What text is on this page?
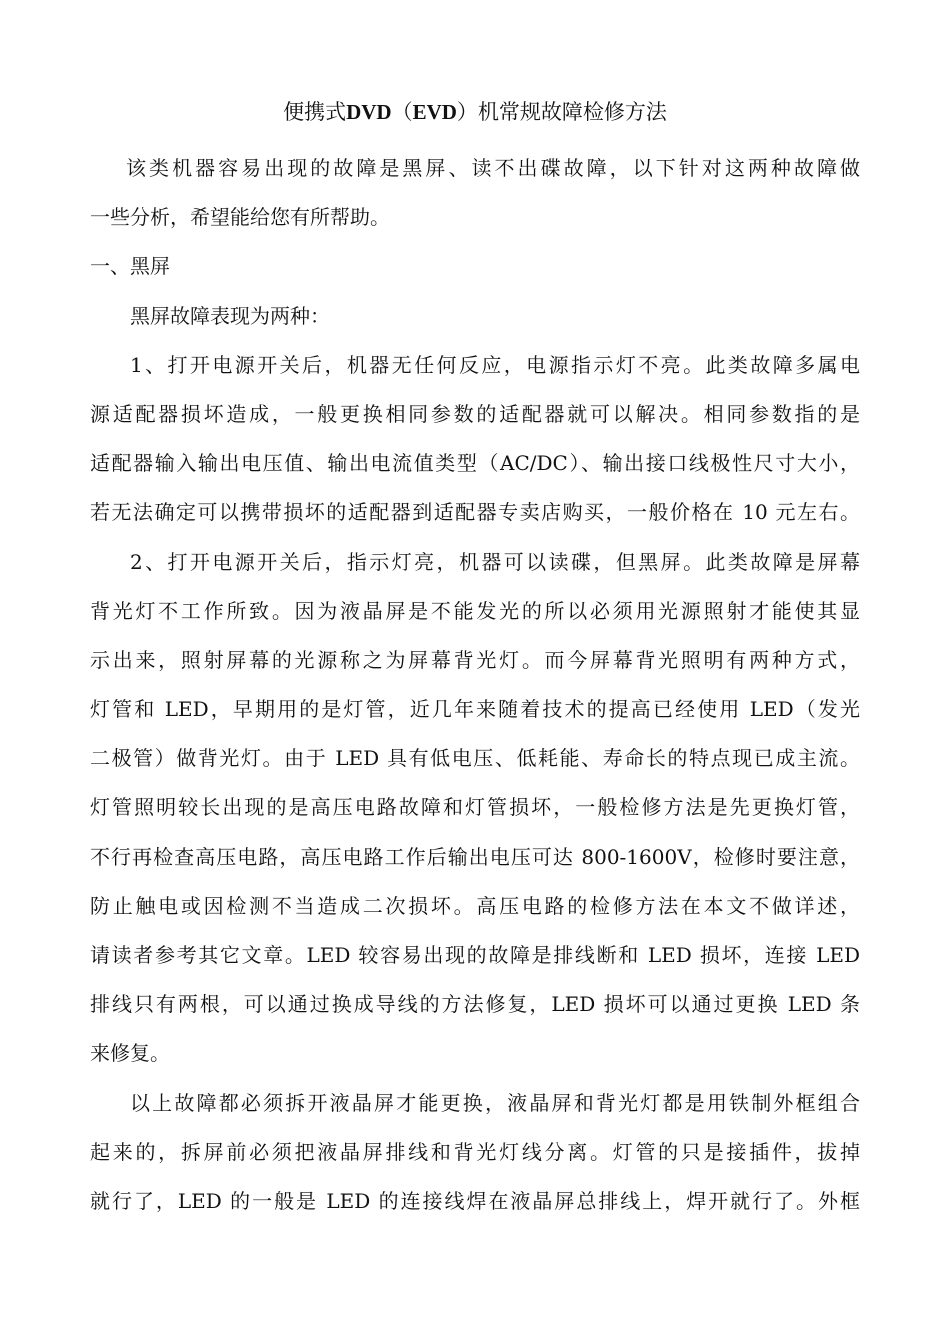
便携式DVD（EVD）机常规故障检修方法
该类机器容易出现的故障是黑屏、读不出碟故障，以下针对这两种故障做
一些分析，希望能给您有所帮助。
一、黑屏
黑屏故障表现为两种：
1、打开电源开关后，机器无任何反应，电源指示灯不亮。此类故障多属电
源适配器损坏造成，一般更换相同参数的适配器就可以解决。相同参数指的是
适配器输入输出电压值、输出电流值类型（AC/DC）、输出接口线极性尺寸大小，
若无法确定可以携带损坏的适配器到适配器专卖店购买，一般价格在 10 元左右。
2、打开电源开关后，指示灯亮，机器可以读碟，但黑屏。此类故障是屏幕
背光灯不工作所致。因为液晶屏是不能发光的所以必须用光源照射才能使其显
示出来，照射屏幕的光源称之为屏幕背光灯。而今屏幕背光照明有两种方式，
灯管和 LED，早期用的是灯管，近几年来随着技术的提高已经使用 LED（发光
二极管）做背光灯。由于 LED 具有低电压、低耗能、寿命长的特点现已成主流。
灯管照明较长出现的是高压电路故障和灯管损坏，一般检修方法是先更换灯管，
不行再检查高压电路，高压电路工作后输出电压可达 800-1600V，检修时要注意，
防止触电或因检测不当造成二次损坏。高压电路的检修方法在本文不做详述，
请读者参考其它文章。LED 较容易出现的故障是排线断和 LED 损坏，连接 LED
排线只有两根，可以通过换成导线的方法修复，LED 损坏可以通过更换 LED 条
来修复。
以上故障都必须拆开液晶屏才能更换，液晶屏和背光灯都是用铁制外框组合
起来的，拆屏前必须把液晶屏排线和背光灯线分离。灯管的只是接插件，拔掉
就行了，LED 的一般是 LED 的连接线焊在液晶屏总排线上，焊开就行了。外框
